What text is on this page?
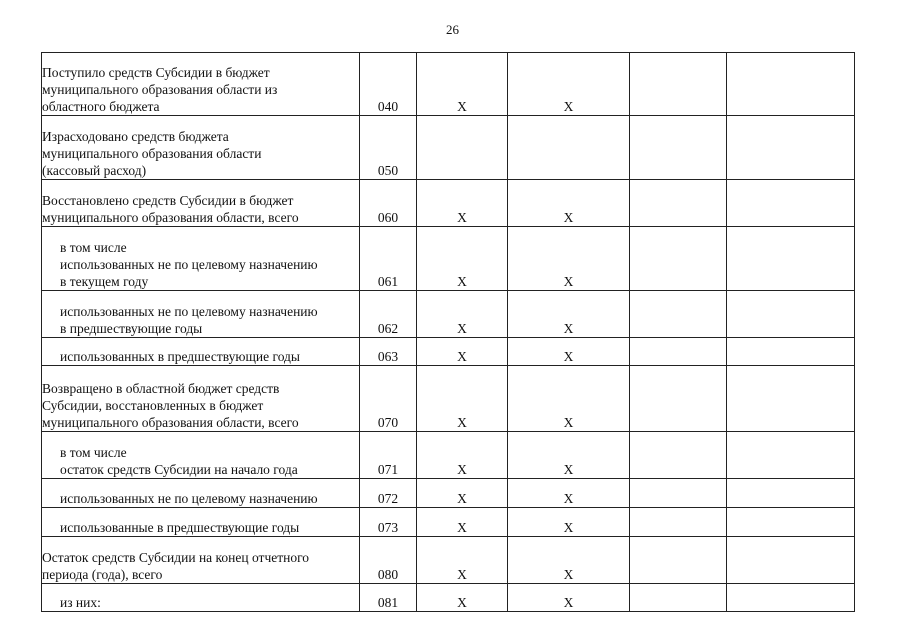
26
Поступило средств Субсидии в бюджет
муниципального образования области из
областного бюджета	040	X	X		
Израсходовано средств бюджета
муниципального образования области
(кассовый расход)	050				
Восстановлено средств Субсидии в бюджет
муниципального образования области, всего	060	X	X		
в том числе
использованных не по целевому назначению
в текущем году	061	X	X		
использованных не по целевому назначению
в предшествующие годы	062	X	X		
использованных в предшествующие годы	063	X	X		
Возвращено в областной бюджет средств
Субсидии, восстановленных в бюджет
муниципального образования области, всего	070	X	X		
в том числе
остаток средств Субсидии на начало года	071	X	X		
использованных не по целевому назначению	072	X	X		
использованные в предшествующие годы	073	X	X		
Остаток средств Субсидии на конец отчетного
периода (года), всего	080	X	X		
из них:	081	X	X		
